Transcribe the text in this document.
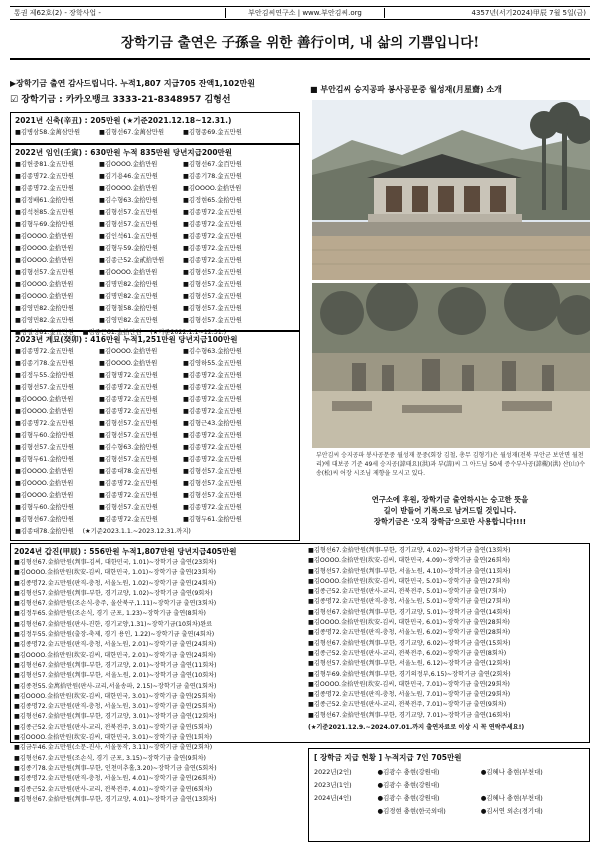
통권 제62호(2) - 장학사업 -	부안김씨연구소 | www.부안김씨.org	4357년(서기2024)甲辰 7월 5일(금)
장학기금 출연은 子孫을 위한 善行이며, 내 삶의 기쁨입니다!
▶장학기금 출연 감사드립니다. 누적1,807 지급705 잔액1,102만원
☑ 장학기금 : 카카오뱅크 3333-21-8348957 김형선
2021년 신축(辛丑) : 205만원 (★기준2021.12.18~12.31.)
■김병삼58.金萬삼만원	■김형선67.金萬삼만원	■김형종69.金五만원
2022년 임인(壬寅) : 630만원 누적 835만원 당년지급200만원
■김헌중81.金五만원	■김OOOO.金拾만원	■김형선67.金百만원
■김종명72.金五만원	■김기용46.金五만원	■김종기78.金五만원
■김종명72.金五만원	■김OOOO.金拾만원	■김OOOO.金拾만원
■김정배61.金拾만원	■김수형63.金拾만원	■김정현65.金拾만원
■김석천85.金五만원	■김형선57.金五만원	■김종명72.金五만원
■김형두69.金拾만원	■김형선57.金五만원	■김종명72.金五만원
■김OOOO.金拾만원	■김인석61.金五만원	■김종명72.金五만원
■김OOOO.金拾만원	■김형두59.金拾만원	■김종명72.金五만원
■김OOOO.金拾만원	■김종근52.金貳拾만원	■김종명72.金五만원
■김형선57.金五만원	■김OOOO.金拾만원	■김형선57.金五만원
■김OOOO.金拾만원	■김명민82.金拾만원	■김형선57.金五만원
■김OOOO.金拾만원	■김명민82.金五만원	■김형선57.金五만원
■김영민82.金拾만원	■김형철58.金拾만원	■김형선57.金五만원
■김영민82.金五만원	■김영민82.金五만원	■김형선57.金五만원
■김길성81.金五만원	■김종근61.金拾만원	(★기준2022.1.1~12.31.)
2023년 계묘(癸卯) : 416만원 누적1,251만원 당년지급100만원
■김종명72.金五만원	■김OOOO.金拾만원	■김수형63.金拾만원
■김종기78.金五만원	■김OOOO.金拾만원	■김영하55.金五만원
■김정두55.金拾만원	■김형명72.金五만원	■김종명72.金五만원
■김형선57.金五만원	■김종명72.金五만원	■김종명72.金五만원
■김OOOO.金拾만원	■김종명72.金五만원	■김종명72.金五만원
■김OOOO.金拾만원	■김종명72.金五만원	■김종명72.金五만원
■김종명72.金五만원	■김형선57.金五만원	■김형근43.金拾만원
■김형두60.金拾만원	■김형선57.金五만원	■김종명72.金五만원
■김형선57.金五만원	■김수형63.金拾만원	■김종명72.金五만원
■김형두61.金拾만원	■김형선57.金五만원	■김종명72.金五만원
■김OOOO.金拾만원	■김종대78.金五만원	■김형선57.金五만원
■김OOOO.金拾만원	■김종명72.金五만원	■김형선57.金五만원
■김OOOO.金拾만원	■김종명72.金五만원	■김형선57.金五만원
■김형두60.金拾만원	■김형선57.金五만원	■김종명72.金五만원
■김형선67.金拾만원	■김종명72.金五만원	■김형두61.金拾만원
■김종대78.金拾만원	(★기준2023.1.1.~2023.12.31.까지)
■ 부안김씨 승지공파 봉사공문중 월성재(月星齋) 소개
부안김씨 승지공파 봉사공문중 월성재 문중(회장 김철, 총무 김형기)은 월성재(전북 부안군 보안면 월천리)에 대보공 기준 49세 승지공(諱태요)(洪)과 부(諱)씨 그 아드님 50세 증수부사공(諱槻)(洪) 산(山)수 송(松)씨 어장 시조님 제향을 모시고 있다.
연구소에 후원, 장학기금 출연하시는 숭고한 뜻을
길이 받들어 기록으로 남겨드릴 것입니다.
장학기금은 '오직 장학금'으로만 사용합니다!!!!
2024년 갑진(甲辰) : 556만원 누적1,807만원 당년지급405만원
■김형선67.金拾만원(判事-김씨, 대한민국, 1.01)~장학기금 출연(23회차)
■김OOOO.金拾만원(坎安-김씨, 대한민국, 1.01)~장학기금 출연(23회차)
■김종명72.金五만원(판직-충청, 서울노원, 1.02)~장학기금 출연(24회차)
■김형선57.金拾만원(判事-부한, 경기교양, 1.02)~장학기금 출연(9회차)
■김형선67.金拾만원(조손식-충주, 울산북구,1.11)~장학기금 출연(3회차)
■김정두65.金拾만원(조손식, 경기 군포, 1.23)~장학기금 출연(8회차)
■김형선67.金拾만원(판사-진한, 경기교양,1.31)~장학기금(10회차)완료
■김정두55.金拾만원(출장-축제, 경기 용인, 1.22)~장학기금 출연(4회차)
■김종명72.金五만원(판직-충청, 서울노원, 2.01)~장학기금 출연(24회차)
■김OOOO.金拾만원(坎安-김씨, 대한민국, 2.01)~장학기금 출연(24회차)
■김형선67.金拾만원(判事-부한, 경기교양, 2.01)~장학기금 출연(11회차)
■김형선57.金拾만원(判事-부한, 서울노원, 2.01)~장학기금 출연(10회차)
■김종천55.金萬拾만원(판사-교리,서울송파, 2.15)~장학기금 출연(1회차)
■김OOOO.金拾만원(坎安-김씨, 대한민국, 3.01)~장학기금 출연(25회차)
■김종명72.金五만원(판직-충청, 서울노원, 3.01)~장학기금 출연(25회차)
■김형선67.金拾만원(判事-부한, 경기교양, 3.01)~장학기금 출연(12회차)
■김종근52.金五만원(판사-교리, 전북전주, 3.01)~장학기금 출연(5회차)
■김OOOO.金拾만원(坎安-김씨, 대한민국, 3.01)~장학기금 출연(1회차)
■김금두46.金五만원(소문-진사, 서울동작, 3.11)~장학기금 출연(2회차)
■김형선67.金五만원(조손식, 경기 군포, 3.15)~장학기금 출연(9회차)
■김종기78.金五만원(判事-부한, 인천미추홀,3.20)~장학기금 출연(5회차)
■김종명72.金五만원(판직-충청, 서울노원, 4.01)~장학기금 출연(26회차)
■김종근52.金五만원(판사-교리, 전북전주, 4.01)~장학기금 출연(6회차)
■김형선67.金拾만원(判事-부한, 경기교양, 4.01)~장학기금 출연(13회차)
■김형선67.金拾만원(判事-부한, 경기교양, 4.02)~장학기금 출연(13회차)
■김OOOO.金拾만원(坎安-김씨, 대한민국, 4.09)~장학기금 출연(26회차)
■김형선57.金拾만원(判事-부한, 서울노원, 4.10)~장학기금 출연(11회차)
■김OOOO.金拾만원(坎安-김씨, 대한민국, 5.01)~장학기금 출연(27회차)
■김종근52.金五만원(판사-교리, 전북전주, 5.01)~장학기금 출연(7회차)
■김종명72.金五만원(판직-충청, 서울노원, 5.01)~장학기금 출연(27회차)
■김형선67.金拾만원(判事-부한, 경기교양, 5.01)~장학기금 출연(14회차)
■김OOOO.金拾만원(坎安-김씨, 대한민국, 6.01)~장학기금 출연(28회차)
■김종명72.金五만원(판직-충청, 서울노원, 6.02)~장학기금 출연(28회차)
■김형선67.金拾만원(判事-부한, 경기교양, 6.02)~장학기금 출연(15회차)
■김종근52.金五만원(판사-교리, 전북전주, 6.02)~장학기금 출연(8회차)
■김형선57.金拾만원(判事-부한, 서울노원, 6.12)~장학기금 출연(12회차)
■김형두69.金拾만원(判事-부한, 경기의정부,6.15)~장학기금 출연(2회차)
■김OOOO.金拾만원(坎安-김씨, 대한민국, 7.01)~장학기금 출연(29회차)
■김종명72.金五만원(판직-충청, 서울노원, 7.01)~장학기금 출연(29회차)
■김종근52.金五만원(판사-교리, 전북전주, 7.01)~장학기금 출연(9회차)
■김형선67.金拾만원(判事-부한, 경기교양, 7.01)~장학기금 출연(16회차)
(★기준2021.12.9.~2024.07.01.까지 출연자료로 이상 시 꼭 연락주세요!)
[ 장학금 지급 현황 ] 누적지급 7인 705만원
2022년(2인)	●김광수 충현(강원대)	●김혜나 충현(부천대)
2023년(1인)	●김광수 충현(강원대)
2024년(4인)	●김광수 충현(강원대)	●김혜나 충현(부천대)
●김경현 충현(한국외대)	●김서연 외손(경기대)
